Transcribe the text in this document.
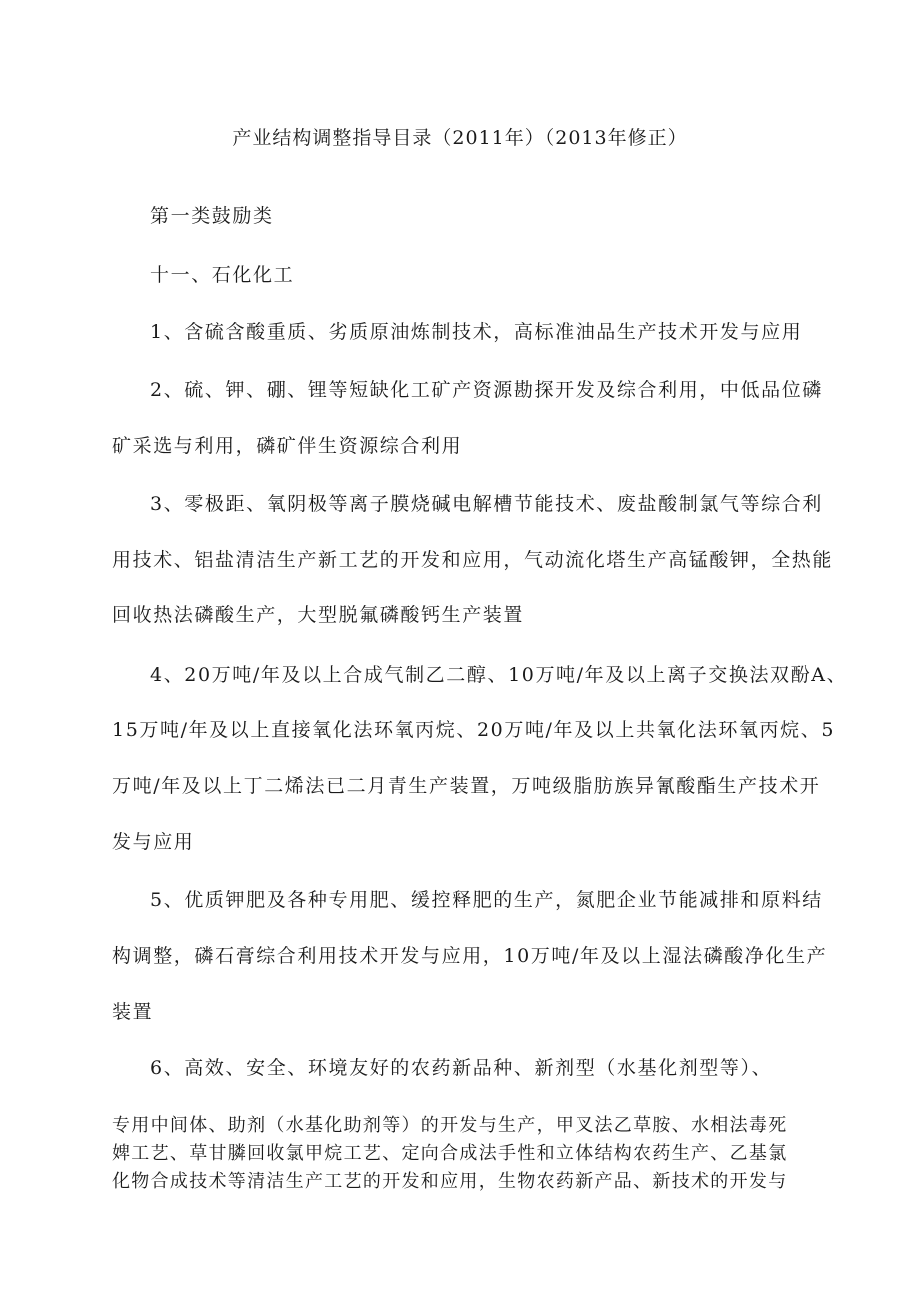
产业结构调整指导目录（2011年）（2013年修正）
第一类鼓励类
十一、石化化工
1、含硫含酸重质、劣质原油炼制技术，高标准油品生产技术开发与应用
2、硫、钾、硼、锂等短缺化工矿产资源勘探开发及综合利用，中低品位磷
矿采选与利用，磷矿伴生资源综合利用
3、零极距、氧阴极等离子膜烧碱电解槽节能技术、废盐酸制氯气等综合利
用技术、铝盐清洁生产新工艺的开发和应用，气动流化塔生产高锰酸钾，全热能
回收热法磷酸生产，大型脱氟磷酸钙生产装置
4、20万吨/年及以上合成气制乙二醇、10万吨/年及以上离子交换法双酚A、
15万吨/年及以上直接氧化法环氧丙烷、20万吨/年及以上共氧化法环氧丙烷、5
万吨/年及以上丁二烯法已二月青生产装置，万吨级脂肪族异氰酸酯生产技术开
发与应用
5、优质钾肥及各种专用肥、缓控释肥的生产，氮肥企业节能减排和原料结
构调整，磷石膏综合利用技术开发与应用，10万吨/年及以上湿法磷酸净化生产
装置
6、高效、安全、环境友好的农药新品种、新剂型（水基化剂型等）、
专用中间体、助剂（水基化助剂等）的开发与生产，甲叉法乙草胺、水相法毒死
婢工艺、草甘膦回收氯甲烷工艺、定向合成法手性和立体结构农药生产、乙基氯
化物合成技术等清洁生产工艺的开发和应用，生物农药新产品、新技术的开发与
